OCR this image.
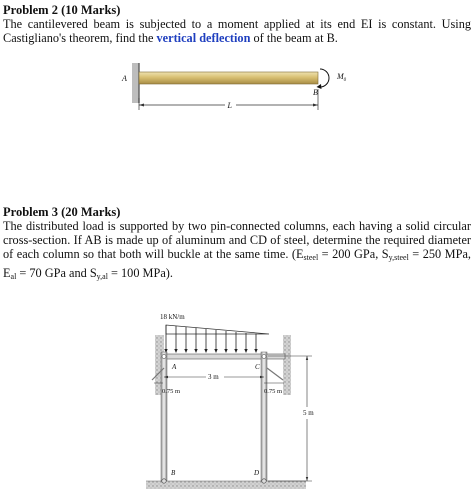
Problem 2 (10 Marks)
The cantilevered beam is subjected to a moment applied at its end EI is constant. Using Castigliano's theorem, find the vertical deflection of the beam at B.
A
B
$M_0$
L
Problem 3 (20 Marks)
The distributed load is supported by two pin-connected columns, each having a solid circular cross-section. If AB is made up of aluminum and CD of steel, determine the required diameter of each column so that both will buckle at the same time. ($E_{steel} = 200$ GPa, $S_{y,steel} = 250$ MPa, $E_{al} = 70$ GPa and $S_{y,al} = 100$ MPa).
18 kN/m
A	C
B	D
3 m
0.75 m	0.75 m
5 m
